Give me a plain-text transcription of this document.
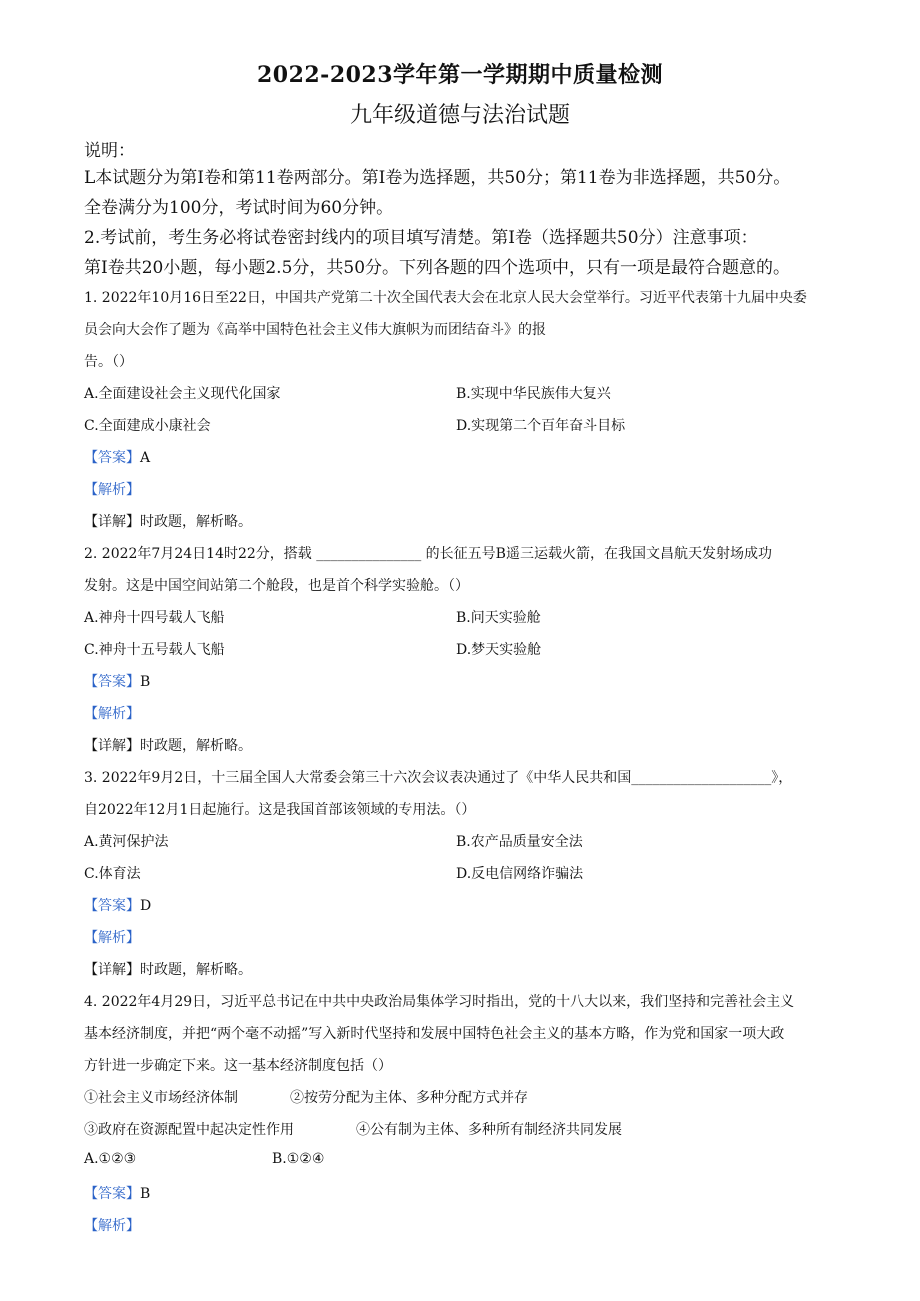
2022-2023学年第一学期期中质量检测
九年级道德与法治试题
说明：
L本试题分为第I卷和第11卷两部分。第I卷为选择题，共50分；第11卷为非选择题，共50分。
全卷满分为100分，考试时间为60分钟。
2.考试前，考生务必将试卷密封线内的项目填写清楚。第I卷（选择题共50分）注意事项：
第I卷共20小题，每小题2.5分，共50分。下列各题的四个选项中，只有一项是最符合题意的。
1. 2022年10月16日至22日，中国共产党第二十次全国代表大会在北京人民大会堂举行。习近平代表第十九届中央委
员会向大会作了题为《高举中国特色社会主义伟大旗帜为而团结奋斗》的报
告。（）
A.全面建设社会主义现代化国家	B.实现中华民族伟大复兴
C.全面建成小康社会	D.实现第二个百年奋斗目标
【答案】A
【解析】
【详解】时政题，解析略。
2. 2022年7月24日14时22分，搭载 _______________ 的长征五号B遥三运载火箭，在我国文昌航天发射场成功
发射。这是中国空间站第二个舱段，也是首个科学实验舱。（）
A.神舟十四号载人飞船	B.问天实验舱
C.神舟十五号载人飞船	D.梦天实验舱
【答案】B
【解析】
【详解】时政题，解析略。
3. 2022年9月2日，十三届全国人大常委会第三十六次会议表决通过了《中华人民共和国____________________》，
自2022年12月1日起施行。这是我国首部该领域的专用法。（）
A.黄河保护法	B.农产品质量安全法
C.体育法	D.反电信网络诈骗法
【答案】D
【解析】
【详解】时政题，解析略。
4. 2022年4月29日，习近平总书记在中共中央政治局集体学习时指出，党的十八大以来，我们坚持和完善社会主义
基本经济制度，并把“两个毫不动摇”写入新时代坚持和发展中国特色社会主义的基本方略，作为党和国家一项大政
方针进一步确定下来。这一基本经济制度包括（）
①社会主义市场经济体制	②按劳分配为主体、多种分配方式并存
③政府在资源配置中起决定性作用	④公有制为主体、多种所有制经济共同发展
A.①②③	B.①②④
【答案】B
【解析】
